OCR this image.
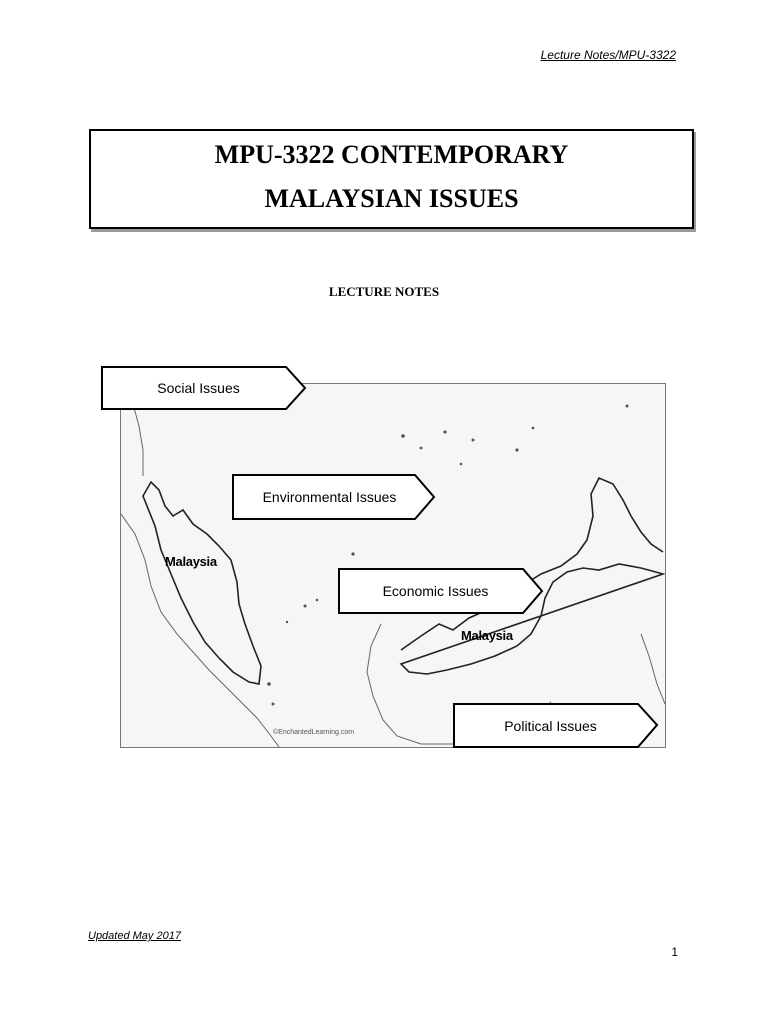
Lecture Notes/MPU-3322
MPU-3322 CONTEMPORARY
MALAYSIAN ISSUES
LECTURE NOTES
Malaysia
Malaysia
©EnchantedLearning.com
Social Issues
Environmental Issues
Economic Issues
Political Issues
Updated May 2017
1
